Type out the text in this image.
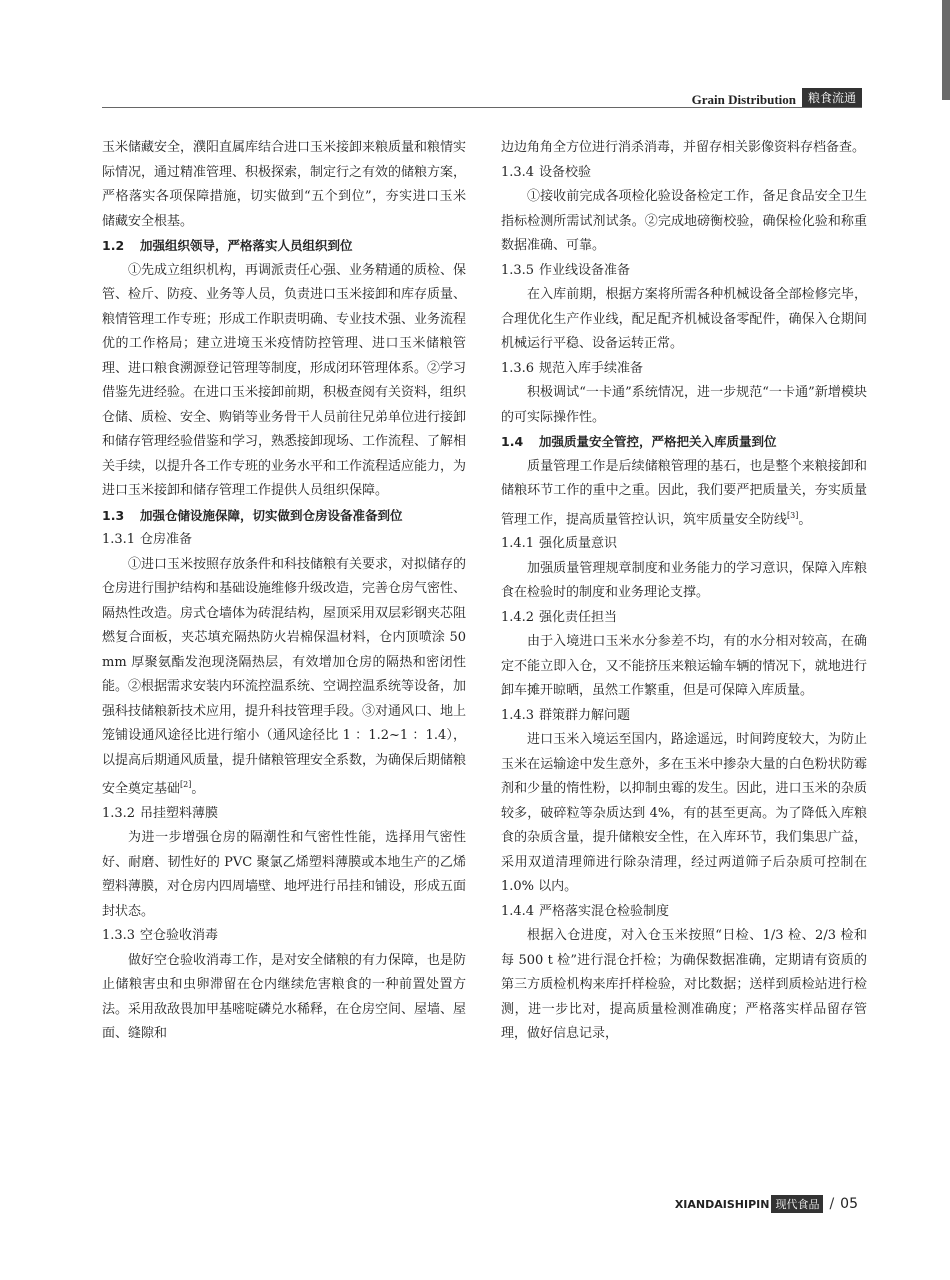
Grain Distribution	粮食流通

玉米储藏安全，濮阳直属库结合进口玉米接卸来粮质量和粮情实际情况，通过精准管理、积极探索，制定行之有效的储粮方案，严格落实各项保障措施，切实做到“五个到位”，夯实进口玉米储藏安全根基。

1.2 加强组织领导，严格落实人员组织到位

①先成立组织机构，再调派责任心强、业务精通的质检、保管、检斤、防疫、业务等人员，负责进口玉米接卸和库存质量、粮情管理工作专班；形成工作职责明确、专业技术强、业务流程优的工作格局；建立进境玉米疫情防控管理、进口玉米储粮管理、进口粮食溯源登记管理等制度，形成闭环管理体系。②学习借鉴先进经验。在进口玉米接卸前期，积极查阅有关资料，组织仓储、质检、安全、购销等业务骨干人员前往兄弟单位进行接卸和储存管理经验借鉴和学习，熟悉接卸现场、工作流程、了解相关手续，以提升各工作专班的业务水平和工作流程适应能力，为进口玉米接卸和储存管理工作提供人员组织保障。

1.3 加强仓储设施保障，切实做到仓房设备准备到位

1.3.1 仓房准备

①进口玉米按照存放条件和科技储粮有关要求，对拟储存的仓房进行围护结构和基础设施维修升级改造，完善仓房气密性、隔热性改造。房式仓墙体为砖混结构，屋顶采用双层彩钢夹芯阻燃复合面板，夹芯填充隔热防火岩棉保温材料，仓内顶喷涂 50 mm 厚聚氨酯发泡现浇隔热层，有效增加仓房的隔热和密闭性能。②根据需求安装内环流控温系统、空调控温系统等设备，加强科技储粮新技术应用，提升科技管理手段。③对通风口、地上笼铺设通风途径比进行缩小（通风途径比 1 ：1.2~1 ：1.4），以提高后期通风质量，提升储粮管理安全系数，为确保后期储粮安全奠定基础[2]。

1.3.2 吊挂塑料薄膜

为进一步增强仓房的隔潮性和气密性性能，选择用气密性好、耐磨、韧性好的 PVC 聚氯乙烯塑料薄膜或本地生产的乙烯塑料薄膜，对仓房内四周墙壁、地坪进行吊挂和铺设，形成五面封状态。

1.3.3 空仓验收消毒

做好空仓验收消毒工作，是对安全储粮的有力保障，也是防止储粮害虫和虫卵滞留在仓内继续危害粮食的一种前置处置方法。采用敌敌畏加甲基嘧啶磷兑水稀释，在仓房空间、屋墙、屋面、缝隙和

边边角角全方位进行消杀消毒，并留存相关影像资料存档备查。

1.3.4 设备校验

①接收前完成各项检化验设备检定工作，备足食品安全卫生指标检测所需试剂试条。②完成地磅衡校验，确保检化验和称重数据准确、可靠。

1.3.5 作业线设备准备

在入库前期，根据方案将所需各种机械设备全部检修完毕，合理优化生产作业线，配足配齐机械设备零配件，确保入仓期间机械运行平稳、设备运转正常。

1.3.6 规范入库手续准备

积极调试“一卡通”系统情况，进一步规范“一卡通”新增模块的可实际操作性。

1.4 加强质量安全管控，严格把关入库质量到位

质量管理工作是后续储粮管理的基石，也是整个来粮接卸和储粮环节工作的重中之重。因此，我们要严把质量关，夯实质量管理工作，提高质量管控认识，筑牢质量安全防线[3]。

1.4.1 强化质量意识

加强质量管理规章制度和业务能力的学习意识，保障入库粮食在检验时的制度和业务理论支撑。

1.4.2 强化责任担当

由于入境进口玉米水分参差不均，有的水分相对较高，在确定不能立即入仓，又不能挤压来粮运输车辆的情况下，就地进行卸车摊开晾晒，虽然工作繁重，但是可保障入库质量。

1.4.3 群策群力解问题

进口玉米入境运至国内，路途遥远，时间跨度较大，为防止玉米在运输途中发生意外，多在玉米中掺杂大量的白色粉状防霉剂和少量的惰性粉，以抑制虫霉的发生。因此，进口玉米的杂质较多，破碎粒等杂质达到 4%，有的甚至更高。为了降低入库粮食的杂质含量，提升储粮安全性，在入库环节，我们集思广益，采用双道清理筛进行除杂清理，经过两道筛子后杂质可控制在 1.0% 以内。

1.4.4 严格落实混仓检验制度

根据入仓进度，对入仓玉米按照“日检、1/3 检、2/3 检和每 500 t 检”进行混仓扦检；为确保数据准确，定期请有资质的第三方质检机构来库扦样检验，对比数据；送样到质检站进行检测，进一步比对，提高质量检测准确度；严格落实样品留存管理，做好信息记录，

XIANDAISHIPIN 现代食品 / 05
